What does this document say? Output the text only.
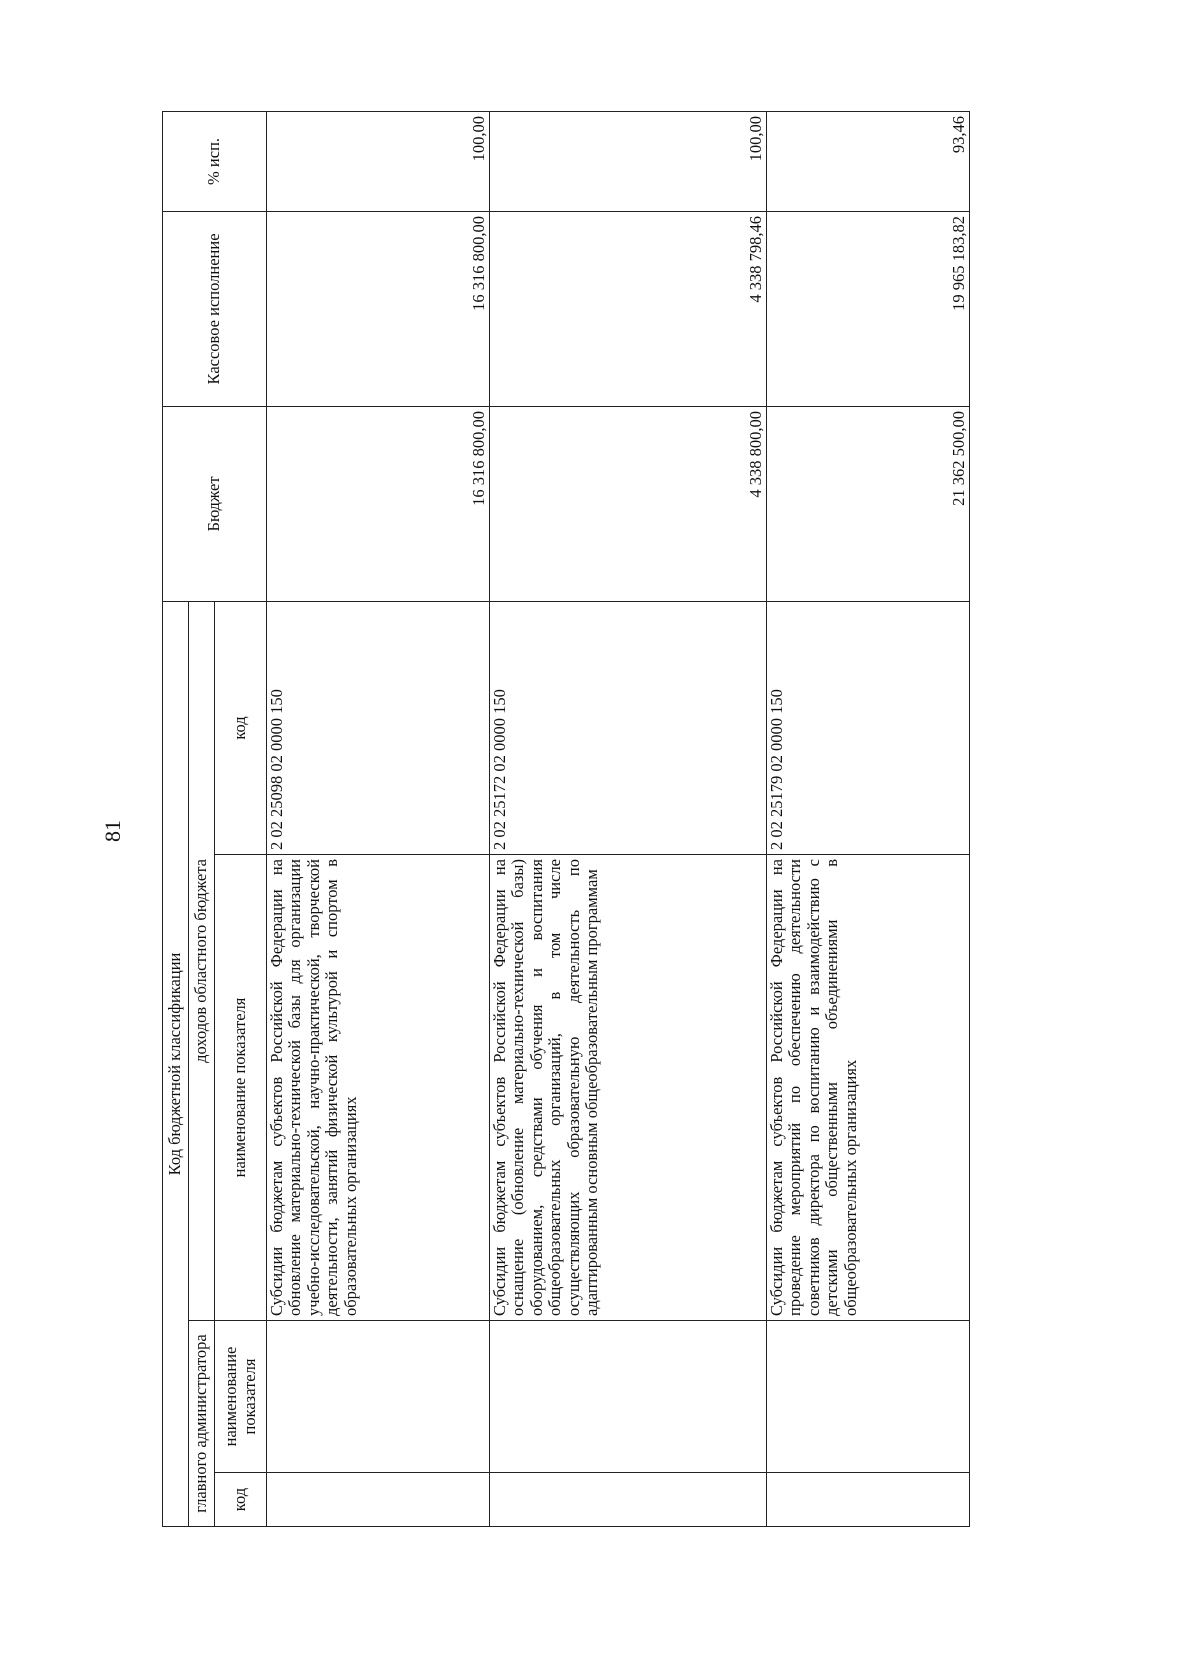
81
Код бюджетной классификации				Бюджет	Кассовое исполнение	% исп.
главного администратора		доходов областного бюджета				
код	наименование показателя	наименование показателя	код			
		Субсидии бюджетам субъектов Российской Федерации на обновление материально-технической базы для организации учебно-исследовательской, научно-практической, творческой деятельности, занятий физической культурой и спортом в образовательных организациях	2 02 25098 02 0000 150	16 316 800,00	16 316 800,00	100,00
		Субсидии бюджетам субъектов Российской Федерации на оснащение (обновление материально-технической базы) оборудованием, средствами обучения и воспитания общеобразовательных организаций, в том числе осуществляющих образовательную деятельность по адаптированным основным общеобразовательным программам	2 02 25172 02 0000 150	4 338 800,00	4 338 798,46	100,00
		Субсидии бюджетам субъектов Российской Федерации на проведение мероприятий по обеспечению деятельности советников директора по воспитанию и взаимодействию с детскими общественными объединениями в общеобразовательных организациях	2 02 25179 02 0000 150	21 362 500,00	19 965 183,82	93,46
